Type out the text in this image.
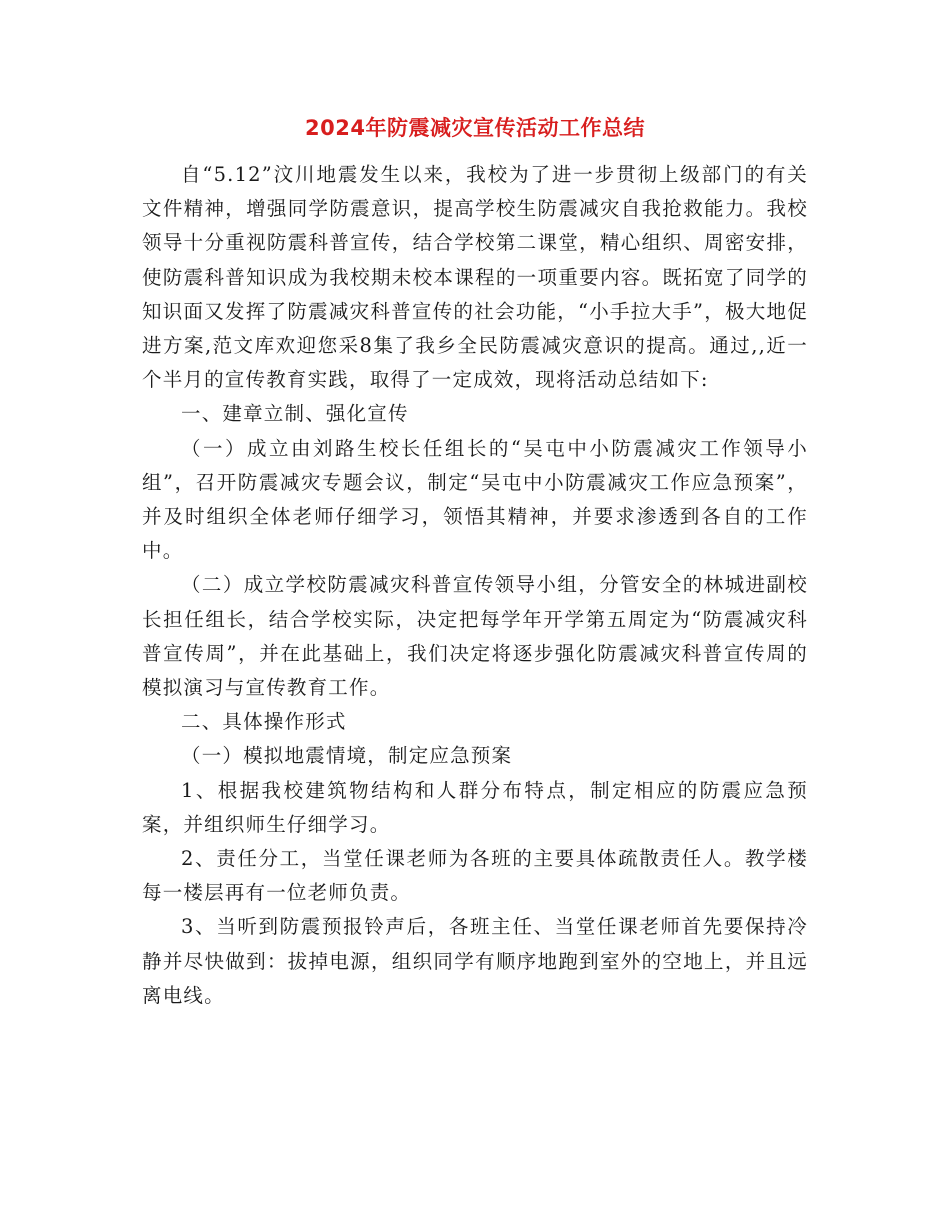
2024年防震减灾宣传活动工作总结

自“5.12”汶川地震发生以来，我校为了进一步贯彻上级部门的有关文件精神，增强同学防震意识，提高学校生防震减灾自我抢救能力。我校领导十分重视防震科普宣传，结合学校第二课堂，精心组织、周密安排，使防震科普知识成为我校期未校本课程的一项重要内容。既拓宽了同学的知识面又发挥了防震减灾科普宣传的社会功能，“小手拉大手”，极大地促进方案,范文库欢迎您采8集了我乡全民防震减灾意识的提高。通过,,近一个半月的宣传教育实践，取得了一定成效，现将活动总结如下:

一、建章立制、强化宣传

（一）成立由刘路生校长任组长的“吴屯中小防震减灾工作领导小组”，召开防震减灾专题会议，制定“吴屯中小防震减灾工作应急预案”，并及时组织全体老师仔细学习，领悟其精神，并要求渗透到各自的工作中。

（二）成立学校防震减灾科普宣传领导小组，分管安全的林城进副校长担任组长，结合学校实际，决定把每学年开学第五周定为“防震减灾科普宣传周”，并在此基础上，我们决定将逐步强化防震减灾科普宣传周的模拟演习与宣传教育工作。

二、具体操作形式

（一）模拟地震情境，制定应急预案

1、根据我校建筑物结构和人群分布特点，制定相应的防震应急预案，并组织师生仔细学习。

2、责任分工，当堂任课老师为各班的主要具体疏散责任人。教学楼每一楼层再有一位老师负责。

3、当听到防震预报铃声后，各班主任、当堂任课老师首先要保持冷静并尽快做到：拔掉电源，组织同学有顺序地跑到室外的空地上，并且远离电线。
